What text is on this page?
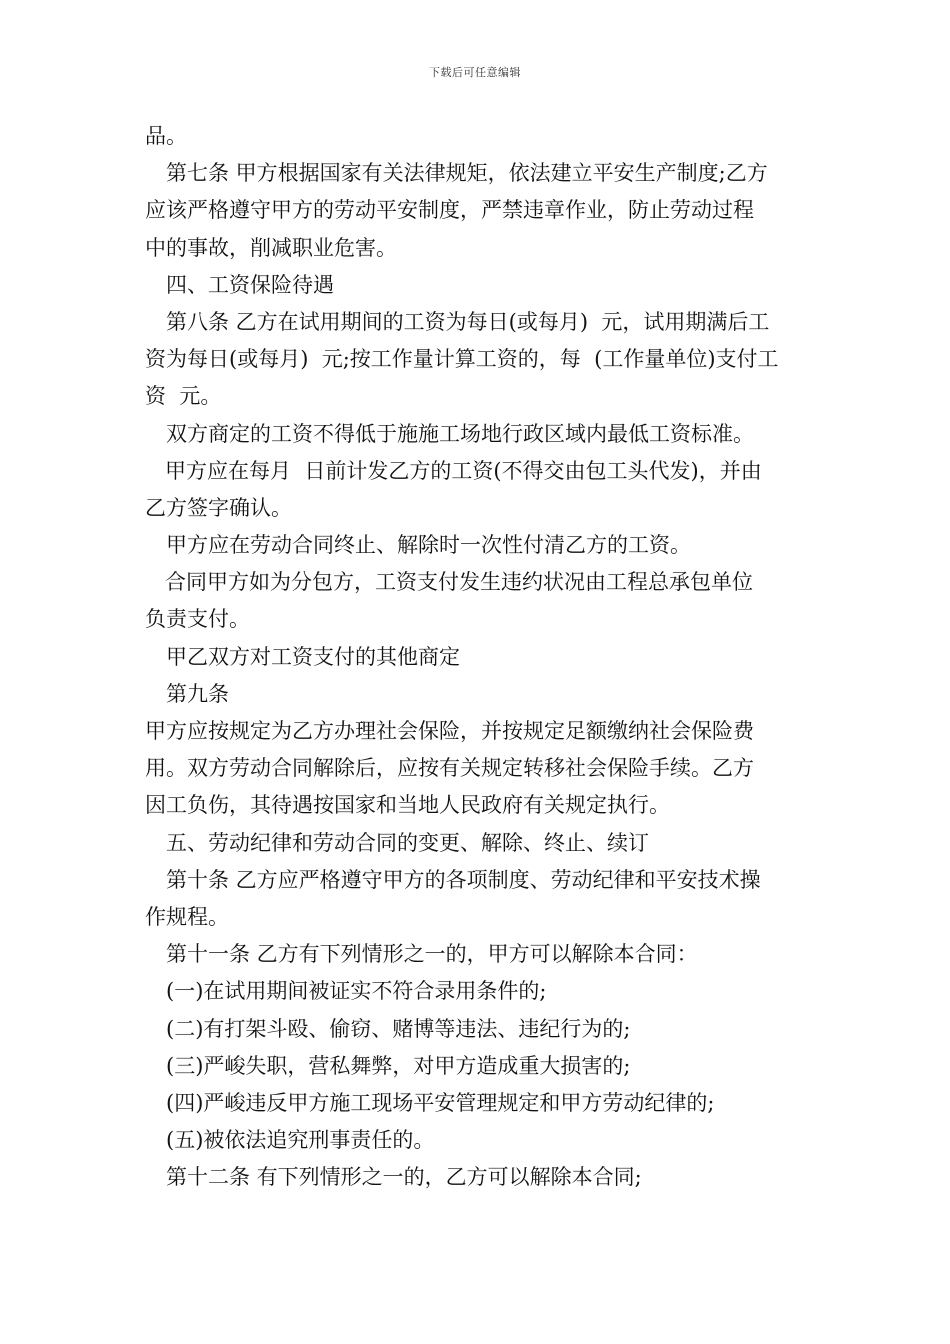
下载后可任意编辑
品。
第七条 甲方根据国家有关法律规矩，依法建立平安生产制度;乙方
应该严格遵守甲方的劳动平安制度，严禁违章作业，防止劳动过程
中的事故，削减职业危害。
四、工资保险待遇
第八条 乙方在试用期间的工资为每日(或每月)  元，试用期满后工
资为每日(或每月)  元;按工作量计算工资的，每  (工作量单位)支付工
资  元。
双方商定的工资不得低于施施工场地行政区域内最低工资标准。
甲方应在每月  日前计发乙方的工资(不得交由包工头代发)，并由
乙方签字确认。
甲方应在劳动合同终止、解除时一次性付清乙方的工资。
合同甲方如为分包方，工资支付发生违约状况由工程总承包单位
负责支付。
甲乙双方对工资支付的其他商定
第九条
甲方应按规定为乙方办理社会保险，并按规定足额缴纳社会保险费
用。双方劳动合同解除后，应按有关规定转移社会保险手续。乙方
因工负伤，其待遇按国家和当地人民政府有关规定执行。
五、劳动纪律和劳动合同的变更、解除、终止、续订
第十条 乙方应严格遵守甲方的各项制度、劳动纪律和平安技术操
作规程。
第十一条 乙方有下列情形之一的，甲方可以解除本合同：
(一)在试用期间被证实不符合录用条件的;
(二)有打架斗殴、偷窃、赌博等违法、违纪行为的;
(三)严峻失职，营私舞弊，对甲方造成重大损害的;
(四)严峻违反甲方施工现场平安管理规定和甲方劳动纪律的;
(五)被依法追究刑事责任的。
第十二条 有下列情形之一的，乙方可以解除本合同;
